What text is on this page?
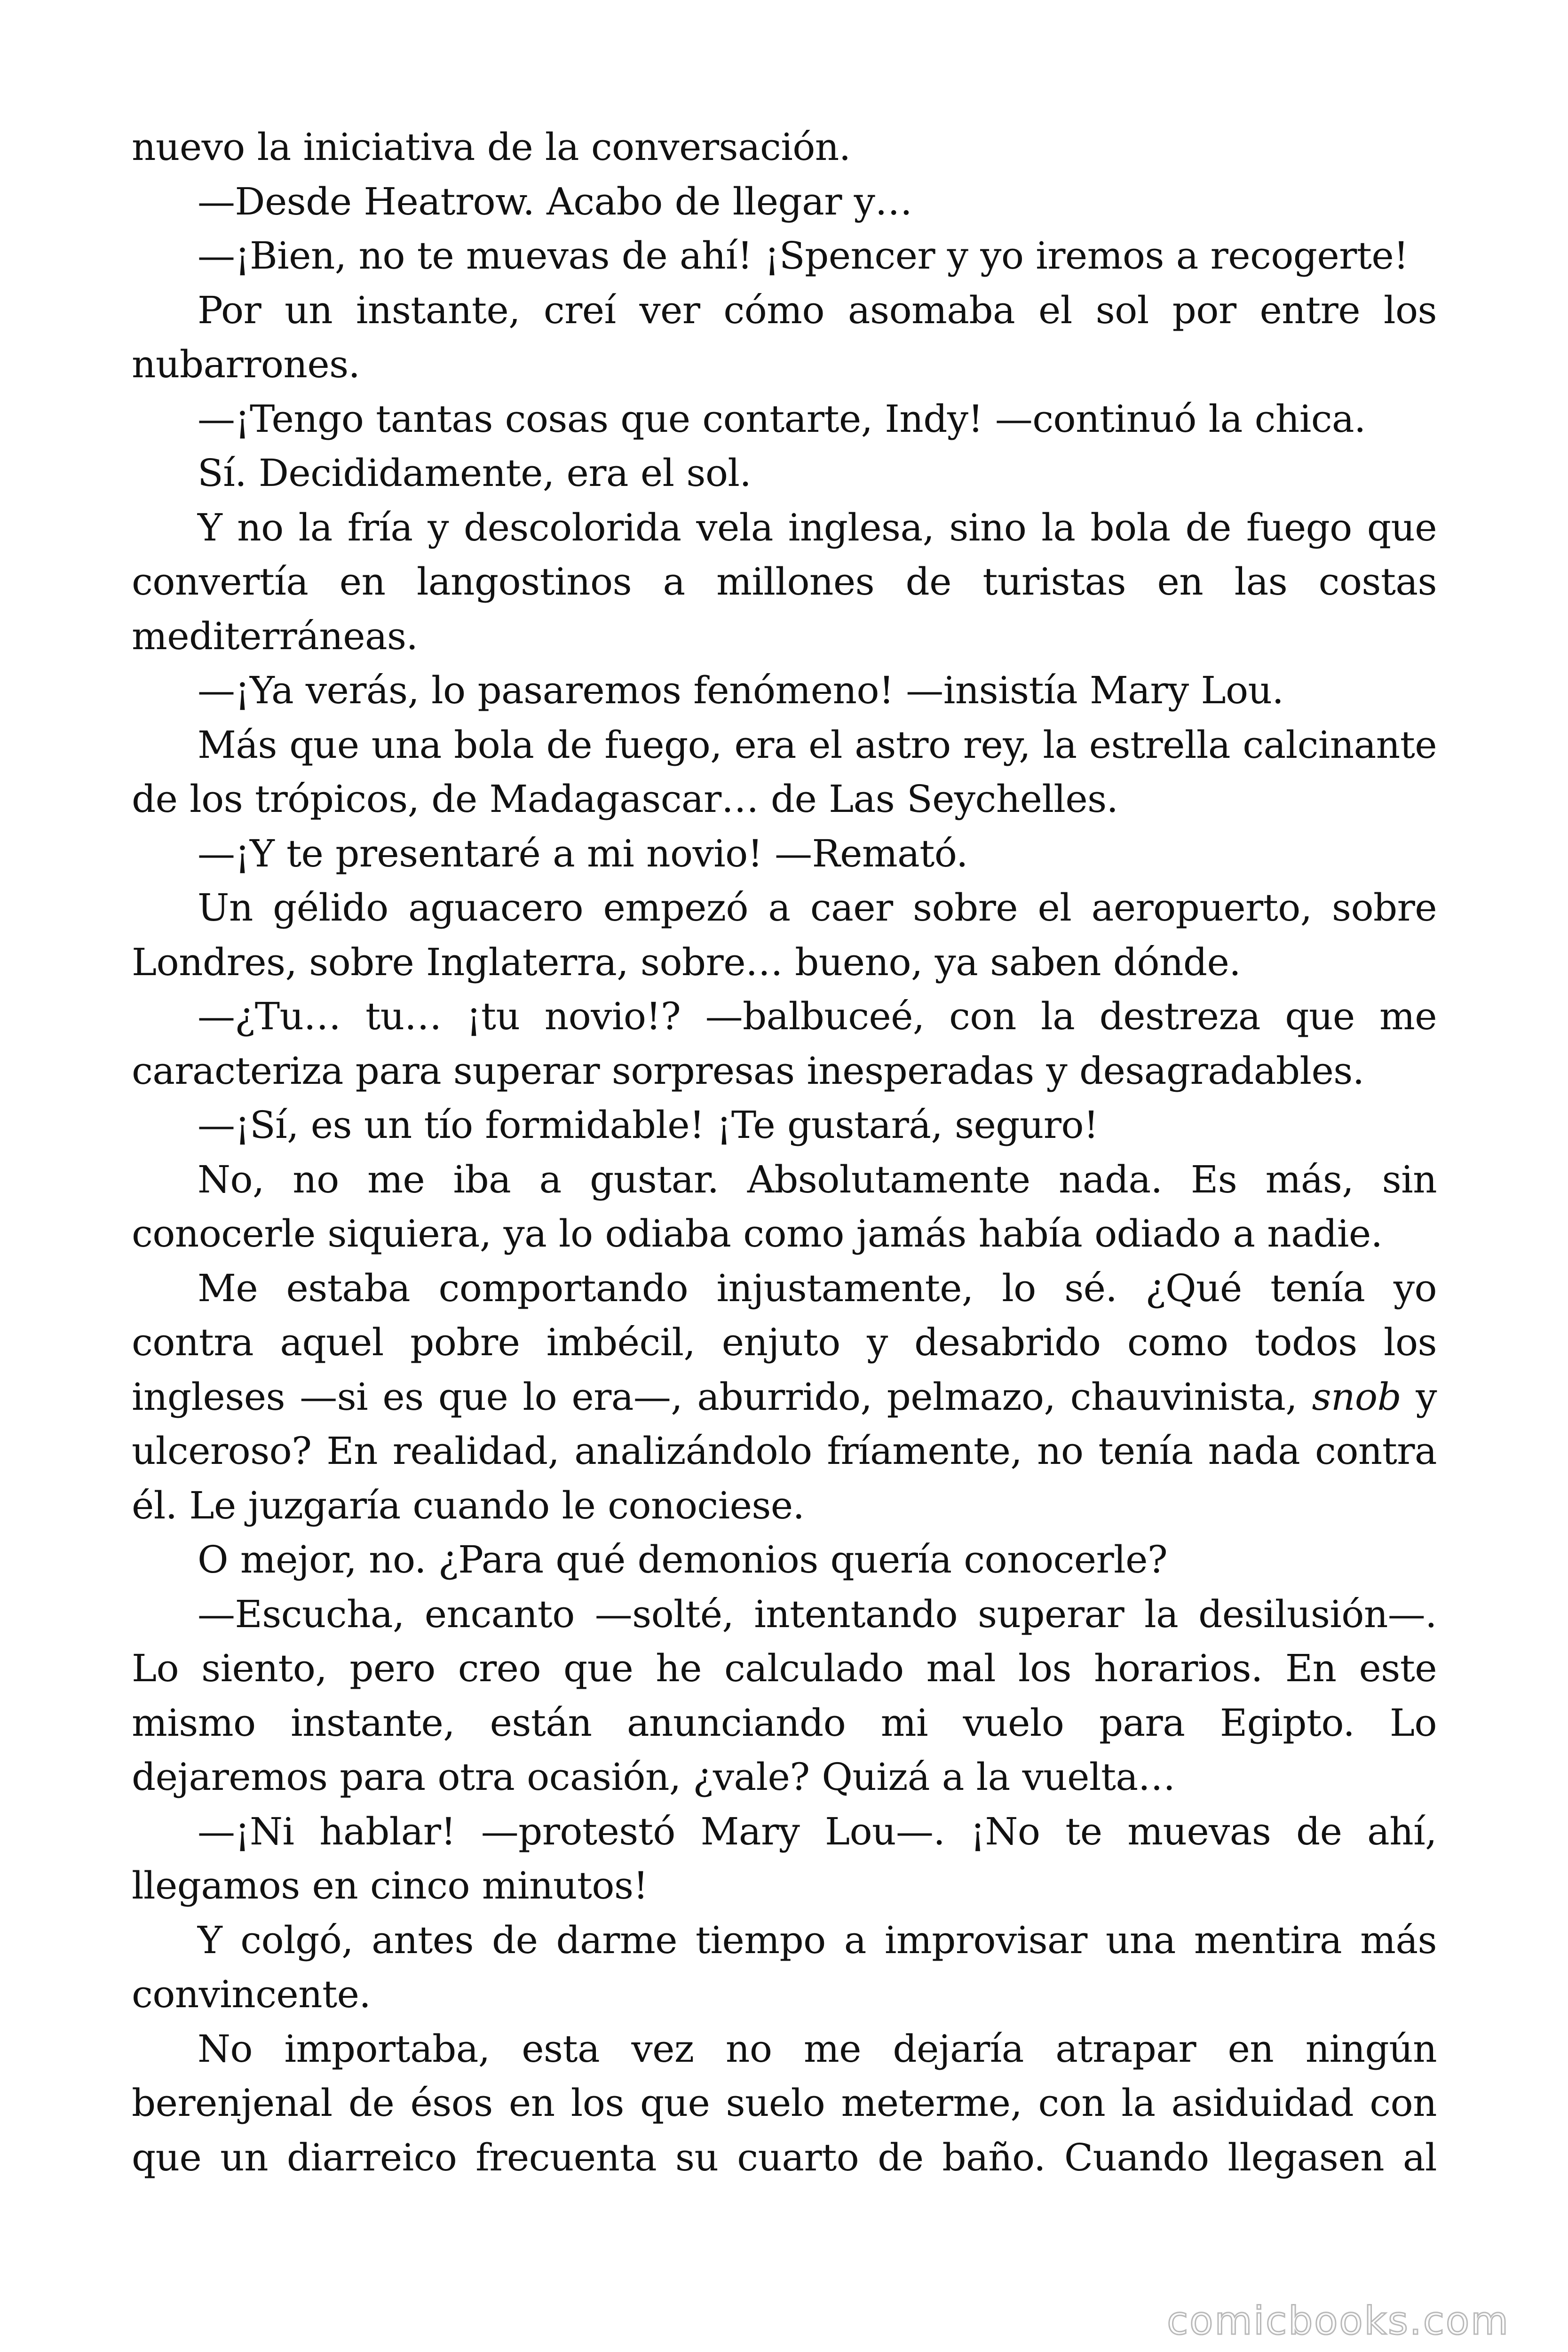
nuevo la iniciativa de la conversación.

—Desde Heatrow. Acabo de llegar y…

—¡Bien, no te muevas de ahí! ¡Spencer y yo iremos a recogerte!

Por un instante, creí ver cómo asomaba el sol por entre los nubarrones.

—¡Tengo tantas cosas que contarte, Indy! —continuó la chica.

Sí. Decididamente, era el sol.

Y no la fría y descolorida vela inglesa, sino la bola de fuego que convertía en langostinos a millones de turistas en las costas mediterráneas.

—¡Ya verás, lo pasaremos fenómeno! —insistía Mary Lou.

Más que una bola de fuego, era el astro rey, la estrella calcinante de los trópicos, de Madagascar… de Las Seychelles.

—¡Y te presentaré a mi novio! —Remató.

Un gélido aguacero empezó a caer sobre el aeropuerto, sobre Londres, sobre Inglaterra, sobre… bueno, ya saben dónde.

—¿Tu… tu… ¡tu novio!? —balbuceé, con la destreza que me caracteriza para superar sorpresas inesperadas y desagradables.

—¡Sí, es un tío formidable! ¡Te gustará, seguro!

No, no me iba a gustar. Absolutamente nada. Es más, sin conocerle siquiera, ya lo odiaba como jamás había odiado a nadie.

Me estaba comportando injustamente, lo sé. ¿Qué tenía yo contra aquel pobre imbécil, enjuto y desabrido como todos los ingleses —si es que lo era—, aburrido, pelmazo, chauvinista, snob y ulceroso? En realidad, analizándolo fríamente, no tenía nada contra él. Le juzgaría cuando le conociese.

O mejor, no. ¿Para qué demonios quería conocerle?

—Escucha, encanto —solté, intentando superar la desilusión—. Lo siento, pero creo que he calculado mal los horarios. En este mismo instante, están anunciando mi vuelo para Egipto. Lo dejaremos para otra ocasión, ¿vale? Quizá a la vuelta…

—¡Ni hablar! —protestó Mary Lou—. ¡No te muevas de ahí, llegamos en cinco minutos!

Y colgó, antes de darme tiempo a improvisar una mentira más convincente.

No importaba, esta vez no me dejaría atrapar en ningún berenjenal de ésos en los que suelo meterme, con la asiduidad con que un diarreico frecuenta su cuarto de baño. Cuando llegasen al

comicbooks.com
